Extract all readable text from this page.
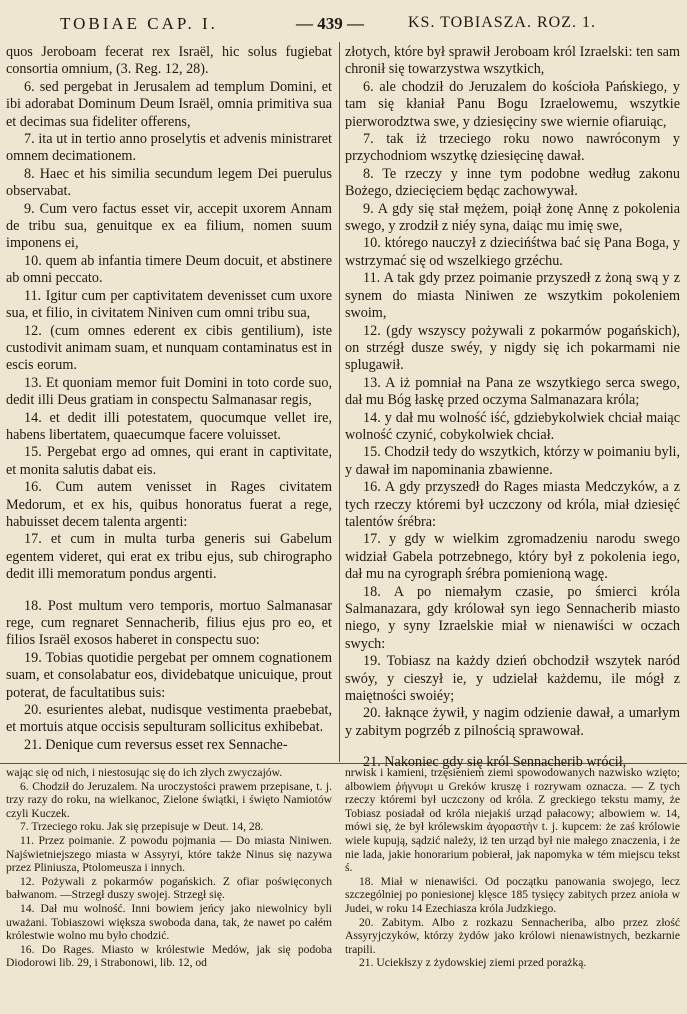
TOBIAE CAP. I.	— 439 —	KS. TOBIASZA. ROZ. 1.

quos Jeroboam fecerat rex Israël, hic solus fugiebat consortia omnium, (3. Reg. 12, 28).

6. sed pergebat in Jerusalem ad templum Domini, et ibi adorabat Dominum Deum Israël, omnia primitiva sua et decimas sua fideliter offerens,

7. ita ut in tertio anno proselytis et advenis ministraret omnem decimationem.

8. Haec et his similia secundum legem Dei puerulus observabat.

9. Cum vero factus esset vir, accepit uxorem Annam de tribu sua, genuitque ex ea filium, nomen suum imponens ei,

10. quem ab infantia timere Deum docuit, et abstinere ab omni peccato.

11. Igitur cum per captivitatem devenisset cum uxore sua, et filio, in civitatem Niniven cum omni tribu sua,

12. (cum omnes ederent ex cibis gentilium), iste custodivit animam suam, et nunquam contaminatus est in escis eorum.

13. Et quoniam memor fuit Domini in toto corde suo, dedit illi Deus gratiam in conspectu Salmanasar regis,

14. et dedit illi potestatem, quocumque vellet ire, habens libertatem, quaecumque facere voluisset.

15. Pergebat ergo ad omnes, qui erant in captivitate, et monita salutis dabat eis.

16. Cum autem venisset in Rages civitatem Medorum, et ex his, quibus honoratus fuerat a rege, habuisset decem talenta argenti:

17. et cum in multa turba generis sui Gabelum egentem videret, qui erat ex tribu ejus, sub chirographo dedit illi memoratum pondus argenti.

18. Post multum vero temporis, mortuo Salmanasar rege, cum regnaret Sennacherib, filius ejus pro eo, et filios Israël exosos haberet in conspectu suo:

19. Tobias quotidie pergebat per omnem cognationem suam, et consolabatur eos, dividebatque unicuique, prout poterat, de facultatibus suis:

20. esurientes alebat, nudisque vestimenta praebebat, et mortuis atque occisis sepulturam sollicitus exhibebat.

21. Denique cum reversus esset rex Sennache-

złotych, które był sprawił Jeroboam król Izraelski: ten sam chronił się towarzystwa wszytkich,

6. ale chodził do Jeruzalem do kościoła Pańskiego, y tam się kłaniał Panu Bogu Izraelowemu, wszytkie pierworodztwa swe, y dziesięciny swe wiernie ofiaruiąc,

7. tak iż trzeciego roku nowo nawróconym y przychodniom wszytkę dziesięcinę dawał.

8. Te rzeczy y inne tym podobne według zakonu Bożego, dziecięciem będąc zachowywał.

9. A gdy się stał mężem, poiął żonę Annę z pokolenia swego, y zrodził z niéy syna, daiąc mu imię swe,

10. którego nauczył z dziecińśtwa bać się Pana Boga, y wstrzymać się od wszelkiego grzéchu.

11. A tak gdy przez poimanie przyszedł z żoną swą y z synem do miasta Niniwen ze wszytkim pokoleniem swoim,

12. (gdy wszyscy pożywali z pokarmów pogańskich), on strzégł dusze swéy, y nigdy się ich pokarmami nie splugawił.

13. A iż pomniał na Pana ze wszytkiego serca swego, dał mu Bóg łaskę przed oczyma Salmanazara króla;

14. y dał mu wolność iść, gdziebykolwiek chciał maiąc wolność czynić, cobykolwiek chciał.

15. Chodził tedy do wszytkich, którzy w poimaniu byli, y dawał im napominania zbawienne.

16. A gdy przyszedł do Rages miasta Medczyków, a z tych rzeczy któremi był uczczony od króla, miał dziesięć talentów śrébra:

17. y gdy w wielkim zgromadzeniu narodu swego widział Gabela potrzebnego, który był z pokolenia iego, dał mu na cyrograph śrébra pomienioną wagę.

18. A po niemałym czasie, po śmierci króla Salmanazara, gdy królował syn iego Sennacherib miasto niego, y syny Izraelskie miał w nienawiści w oczach swych:

19. Tobiasz na każdy dzień obchodził wszytek naród swóy, y cieszył ie, y udzielał każdemu, ile mógł z maiętności swoiéy;

20. łaknące żywił, y nagim odzienie dawał, a umarłym y zabitym pogrzéb z pilnością sprawował.

21. Nakoniec gdy się król Sennacherib wrócił,

wając się od nich, i niestosując się do ich złych zwyczajów.

6. Chodził do Jeruzalem. Na uroczystości prawem przepisane, t. j. trzy razy do roku, na wielkanoc, Zielone świątki, i święto Namiotów czyli Kuczek.

7. Trzeciego roku. Jak się przepisuje w Deut. 14, 28.

11. Przez poimanie. Z powodu pojmania — Do miasta Niniwen. Najświetniejszego miasta w Assyryi, które także Ninus się nazywa przez Pliniusza, Ptolomeusza i innych.

12. Pożywali z pokarmów pogańskich. Z ofiar poświęconych bałwanom. —Strzegł duszy swojej. Strzegł się.

14. Dał mu wolność. Inni bowiem jeńcy jako niewolnicy byli uważani. Tobiaszowi większa swoboda dana, tak, że nawet po całém królestwie wolno mu było chodzić.

16. Do Rages. Miasto w królestwie Medów, jak się podoba Diodorowi lib. 29, i Strabonowi, lib. 12, od

nrwisk i kamieni, trzęsieniem ziemi spowodowanych nazwisko wzięto; albowiem ῥήγνυμι u Greków kruszę i rozrywam oznacza. — Z tych rzeczy któremi był uczczony od króla. Z greckiego tekstu mamy, że Tobiasz posiadał od króla niejakiś urząd pałacowy; albowiem w. 14, mówi się, że był królewskim ἀγοραστὴν t. j. kupcem: że zaś królowie wiele kupują, sądzić należy, iż ten urząd był nie małego znaczenia, i że nie lada, jakie honorarium pobierał, jak napomyka w tém miejscu tekst ś.

18. Miał w nienawiści. Od początku panowania swojego, lecz szczególniej po poniesionej klęsce 185 tysięcy zabitych przez anioła w Judei, w roku 14 Ezechiasza króla Judzkiego.

20. Zabitym. Albo z rozkazu Sennacheriba, albo przez złość Assyryjczyków, którzy żydów jako królowi nienawistnych, bezkarnie trapili.

21. Uciekłszy z żydowskiej ziemi przed porażką.
